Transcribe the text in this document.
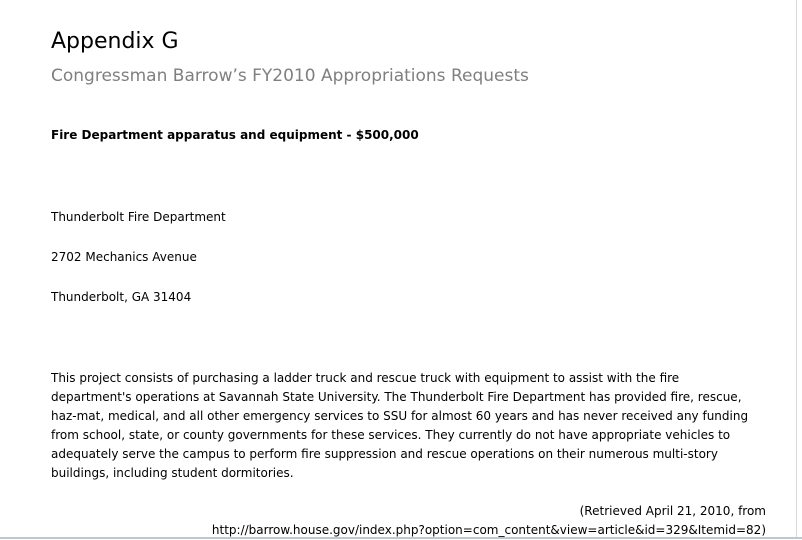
Appendix G
Congressman Barrow’s FY2010 Appropriations Requests

Fire Department apparatus and equipment - $500,000

Thunderbolt Fire Department

2702 Mechanics Avenue

Thunderbolt, GA 31404

This project consists of purchasing a ladder truck and rescue truck with equipment to assist with the fire
department's operations at Savannah State University. The Thunderbolt Fire Department has provided fire, rescue,
haz-mat, medical, and all other emergency services to SSU for almost 60 years and has never received any funding
from school, state, or county governments for these services. They currently do not have appropriate vehicles to
adequately serve the campus to perform fire suppression and rescue operations on their numerous multi-story
buildings, including student dormitories.
(Retrieved April 21, 2010, from
http://barrow.house.gov/index.php?option=com_content&view=article&id=329&Itemid=82)
